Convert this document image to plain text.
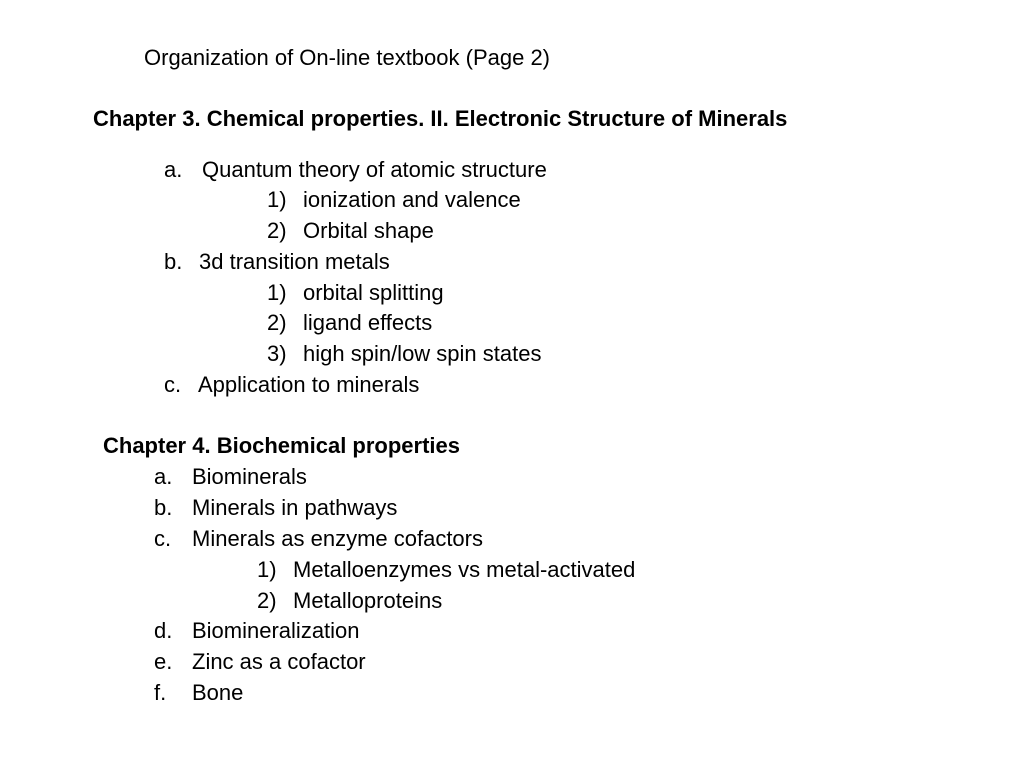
Organization of On-line textbook (Page 2)
Chapter 3. Chemical properties. II. Electronic Structure of Minerals
a. Quantum theory of atomic structure
1) ionization and valence
2) Orbital shape
b. 3d transition metals
1) orbital splitting
2) ligand effects
3) high spin/low spin states
c. Application to minerals
Chapter 4. Biochemical properties
a. Biominerals
b. Minerals in pathways
c. Minerals as enzyme cofactors
1) Metalloenzymes vs metal-activated
2) Metalloproteins
d. Biomineralization
e. Zinc as a cofactor
f. Bone
